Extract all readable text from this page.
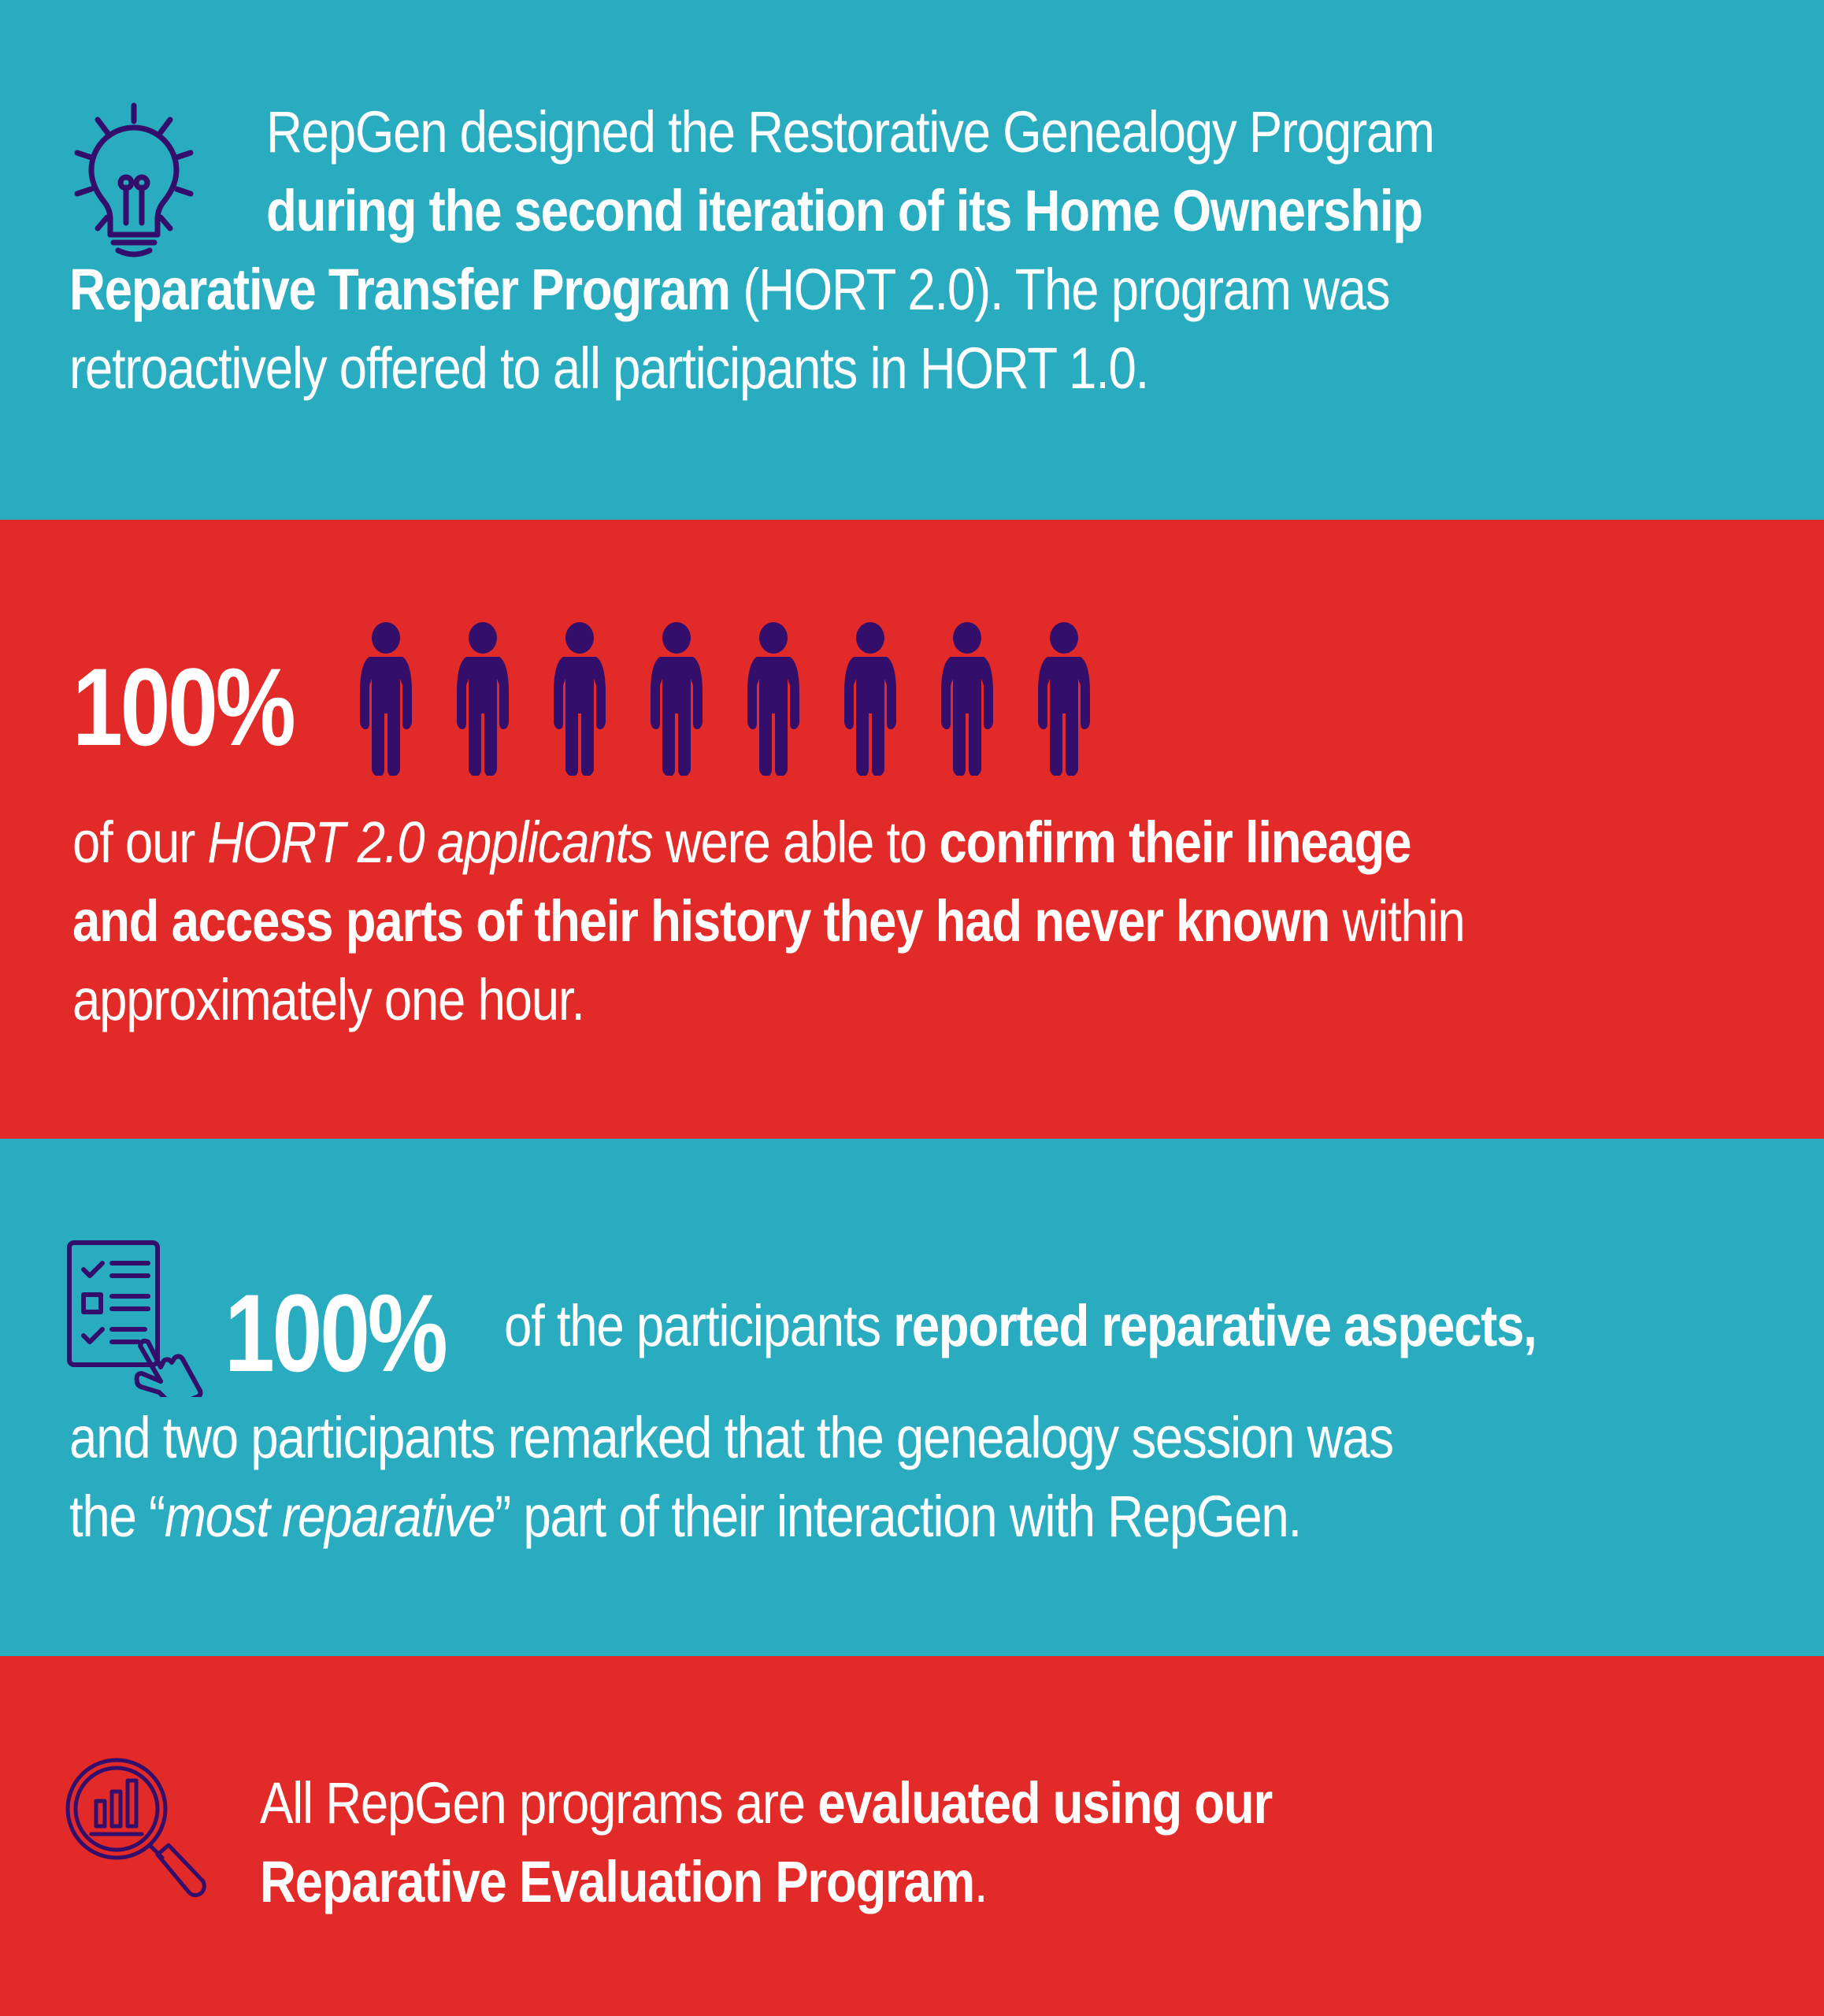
RepGen designed the Restorative Genealogy Program
during the second iteration of its Home Ownership
Reparative Transfer Program (HORT 2.0). The program was
retroactively offered to all participants in HORT 1.0.
100%
of our HORT 2.0 applicants were able to confirm their lineage
and access parts of their history they had never known within
approximately one hour.
100% of the participants reported reparative aspects,
and two participants remarked that the genealogy session was
the “most reparative” part of their interaction with RepGen.
All RepGen programs are evaluated using our
Reparative Evaluation Program.
